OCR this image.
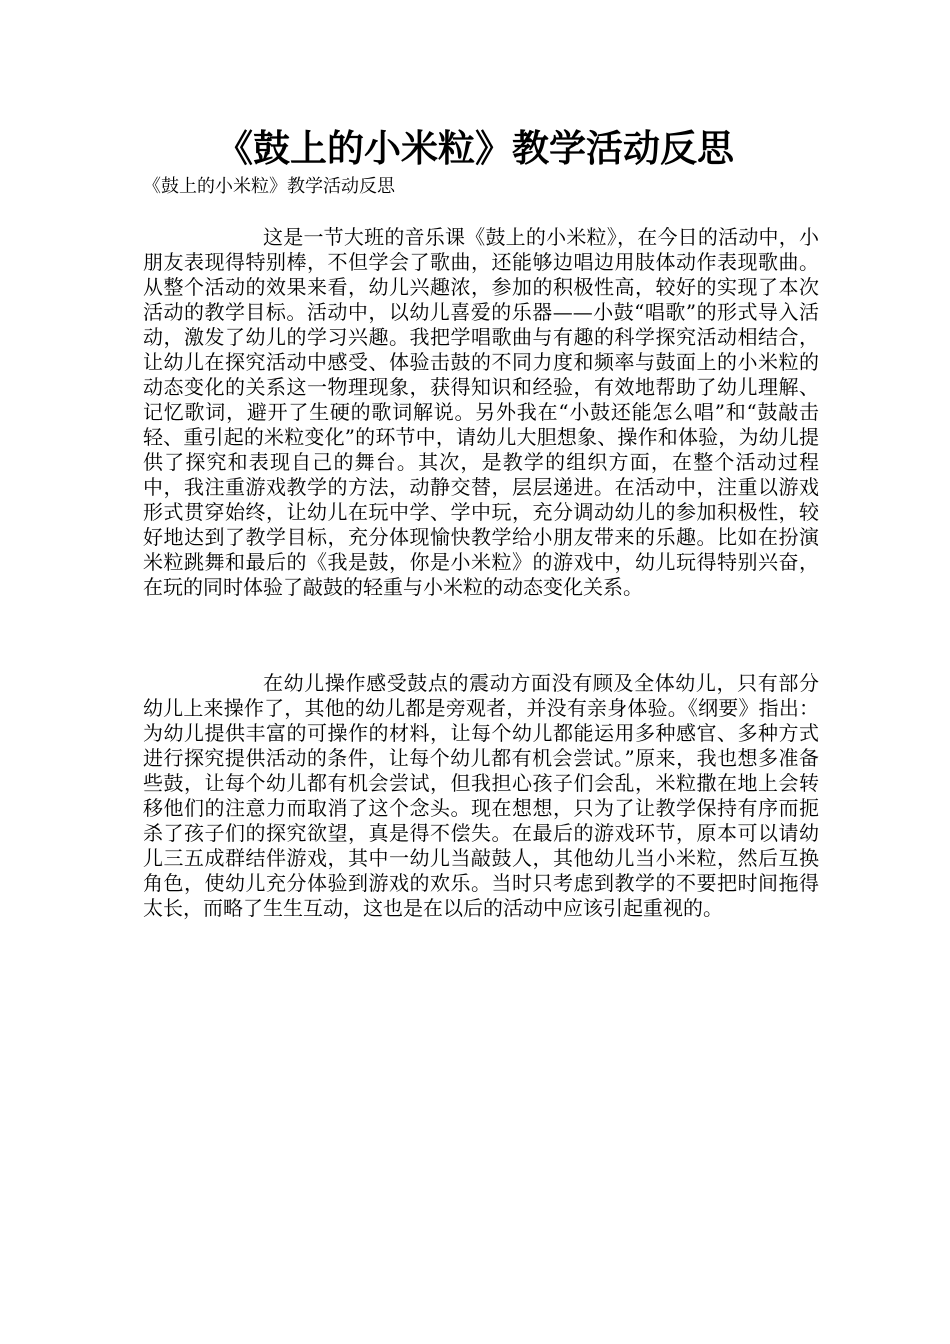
《鼓上的小米粒》教学活动反思

《鼓上的小米粒》教学活动反思

这是一节大班的音乐课《鼓上的小米粒》，在今日的活动中，小朋友表现得特别棒，不但学会了歌曲，还能够边唱边用肢体动作表现歌曲。从整个活动的效果来看，幼儿兴趣浓，参加的积极性高，较好的实现了本次活动的教学目标。活动中，以幼儿喜爱的乐器——小鼓“唱歌”的形式导入活动，激发了幼儿的学习兴趣。我把学唱歌曲与有趣的科学探究活动相结合，让幼儿在探究活动中感受、体验击鼓的不同力度和频率与鼓面上的小米粒的动态变化的关系这一物理现象，获得知识和经验，有效地帮助了幼儿理解、记忆歌词，避开了生硬的歌词解说。另外我在“小鼓还能怎么唱”和“鼓敲击轻、重引起的米粒变化”的环节中，请幼儿大胆想象、操作和体验，为幼儿提供了探究和表现自己的舞台。其次，是教学的组织方面，在整个活动过程中，我注重游戏教学的方法，动静交替，层层递进。在活动中，注重以游戏形式贯穿始终，让幼儿在玩中学、学中玩，充分调动幼儿的参加积极性，较好地达到了教学目标，充分体现愉快教学给小朋友带来的乐趣。比如在扮演米粒跳舞和最后的《我是鼓，你是小米粒》的游戏中，幼儿玩得特别兴奋，在玩的同时体验了敲鼓的轻重与小米粒的动态变化关系。

在幼儿操作感受鼓点的震动方面没有顾及全体幼儿，只有部分幼儿上来操作了，其他的幼儿都是旁观者，并没有亲身体验。《纲要》指出：为幼儿提供丰富的可操作的材料，让每个幼儿都能运用多种感官、多种方式进行探究提供活动的条件，让每个幼儿都有机会尝试。”原来，我也想多准备些鼓，让每个幼儿都有机会尝试，但我担心孩子们会乱，米粒撒在地上会转移他们的注意力而取消了这个念头。现在想想，只为了让教学保持有序而扼杀了孩子们的探究欲望，真是得不偿失。在最后的游戏环节，原本可以请幼儿三五成群结伴游戏，其中一幼儿当敲鼓人，其他幼儿当小米粒，然后互换角色，使幼儿充分体验到游戏的欢乐。当时只考虑到教学的不要把时间拖得太长，而略了生生互动，这也是在以后的活动中应该引起重视的。
